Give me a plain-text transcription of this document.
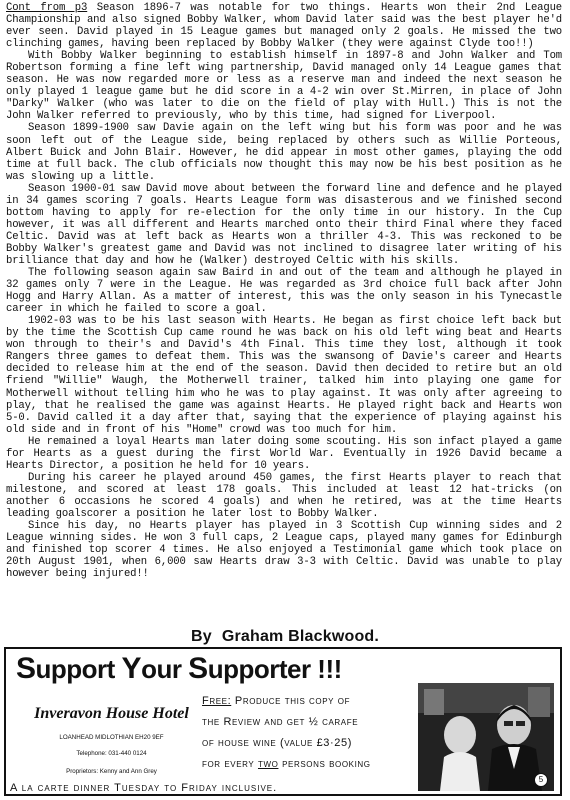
Cont from p3 Season 1896-7 was notable for two things. Hearts won their 2nd League Championship and also signed Bobby Walker, whom David later said was the best player he'd ever seen. David played in 15 League games but managed only 2 goals. He missed the two clinching games, having been replaced by Bobby Walker (they were against Clyde too!!)

With Bobby Walker beginning to establish himself in 1897-8 and John Walker and Tom Robertson forming a fine left wing partnership, David managed only 14 League games that season. He was now regarded more or less as a reserve man and indeed the next season he only played 1 league game but he did score in a 4-2 win over St.Mirren, in place of John "Darky" Walker (who was later to die on the field of play with Hull.) This is not the John Walker referred to previously, who by this time, had signed for Liverpool.

Season 1899-1900 saw Davie again on the left wing but his form was poor and he was soon left out of the League side, being replaced by others such as Willie Porteous, Albert Buick and John Blair. However, he did appear in most other games, playing the odd time at full back. The club officials now thought this may now be his best position as he was slowing up a little.

Season 1900-01 saw David move about between the forward line and defence and he played in 34 games scoring 7 goals. Hearts League form was disasterous and we finished second bottom having to apply for re-election for the only time in our history. In the Cup however, it was all different and Hearts marched onto their third Final where they faced Celtic. David was at left back as Hearts won a thriller 4-3. This was reckoned to be Bobby Walker's greatest game and David was not inclined to disagree later writing of his brilliance that day and how he (Walker) destroyed Celtic with his skills.

The following season again saw Baird in and out of the team and although he played in 32 games only 7 were in the League. He was regarded as 3rd choice full back after John Hogg and Harry Allan. As a matter of interest, this was the only season in his Tynecastle career in which he failed to score a goal.

1902-03 was to be his last season with Hearts. He began as first choice left back but by the time the Scottish Cup came round he was back on his old left wing beat and Hearts won through to their's and David's 4th Final. This time they lost, although it took Rangers three games to defeat them. This was the swansong of Davie's career and Hearts decided to release him at the end of the season. David then decided to retire but an old friend "Willie" Waugh, the Motherwell trainer, talked him into playing one game for Motherwell without telling him who he was to play against. It was only after agreeing to play, that he realised the game was against Hearts. He played right back and Hearts won 5-0. David called it a day after that, saying that the experience of playing against his old side and in front of his "Home" crowd was too much for him.

He remained a loyal Hearts man later doing some scouting. His son infact played a game for Hearts as a guest during the first World War. Eventually in 1926 David became a Hearts Director, a position he held for 10 years.

During his career he played around 450 games, the first Hearts player to reach that milestone, and scored at least 178 goals. This included at least 12 hat-tricks (on another 6 occasions he scored 4 goals) and when he retired, was at the time Hearts leading goalscorer a position he later lost to Bobby Walker.

Since his day, no Hearts player has played in 3 Scottish Cup winning sides and 2 League winning sides. He won 3 full caps, 2 League caps, played many games for Edinburgh and finished top scorer 4 times. He also enjoyed a Testimonial game which took place on 20th August 1901, when 6,000 saw Hearts draw 3-3 with Celtic. David was unable to play however being injured!!

By Graham Blackwood.
Support Your Supporter !!!
Inveravon House Hotel
LOANHEAD MIDLOTHIAN EH20 9EF
Telephone: 031-440 0124
Proprietors: Kenny and Ann Grey
Free: Produce this copy of
the Review and get ½ carafe
of house wine (value £3·25)
for every two persons booking
A la carte dinner Tuesday to Friday inclusive.
5
